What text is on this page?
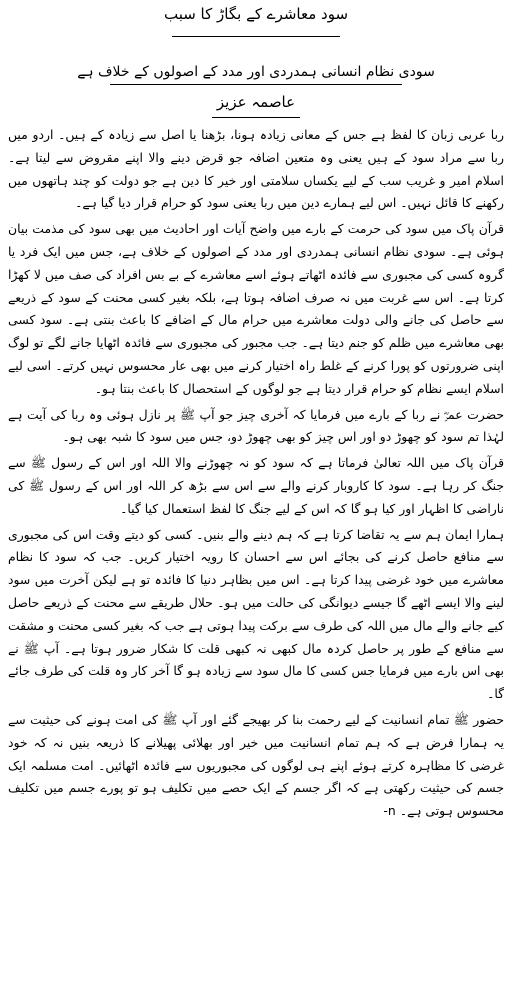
سود معاشرے کے بگاڑ کا سبب
سودی نظام انسانی ہمدردی اور مدد کے اصولوں کے خلاف ہے
عاصمہ عزیز

ربا عربی زبان کا لفظ ہے جس کے معانی زیادہ ہونا، بڑھنا یا اصل سے زیادہ کے ہیں۔ اردو میں ربا سے مراد سود کے ہیں یعنی وہ متعین اضافہ جو قرض دینے والا اپنے مقروض سے لیتا ہے۔ اسلام امیر و غریب سب کے لیے یکساں سلامتی اور خیر کا دین ہے جو دولت کو چند ہاتھوں میں رکھنے کا قائل نہیں۔ اس لیے ہمارے دین میں ربا یعنی سود کو حرام قرار دیا گیا ہے۔

قرآن پاک میں سود کی حرمت کے بارے میں واضح آیات اور احادیث میں بھی سود کی مذمت بیان ہوئی ہے۔ سودی نظام انسانی ہمدردی اور مدد کے اصولوں کے خلاف ہے، جس میں ایک فرد یا گروہ کسی کی مجبوری سے فائدہ اٹھاتے ہوئے اسے معاشرے کے بے بس افراد کی صف میں لا کھڑا کرتا ہے۔ اس سے غربت میں نہ صرف اضافہ ہوتا ہے، بلکہ بغیر کسی محنت کے سود کے ذریعے سے حاصل کی جانے والی دولت معاشرے میں حرام مال کے اضافے کا باعث بنتی ہے۔ سود کسی بھی معاشرے میں ظلم کو جنم دیتا ہے۔ جب مجبور کی مجبوری سے فائدہ اٹھایا جانے لگے تو لوگ اپنی ضرورتوں کو پورا کرنے کے غلط راہ اختیار کرنے میں بھی عار محسوس نہیں کرتے۔ اسی لیے اسلام ایسے نظام کو حرام قرار دیتا ہے جو لوگوں کے استحصال کا باعث بنتا ہو۔

حضرت عمرؓ نے ربا کے بارے میں فرمایا کہ آخری چیز جو آپ ﷺ پر نازل ہوئی وہ ربا کی آیت ہے لہٰذا تم سود کو چھوڑ دو اور اس چیز کو بھی چھوڑ دو، جس میں سود کا شبہ بھی ہو۔

قرآن پاک میں اللہ تعالیٰ فرماتا ہے کہ سود کو نہ چھوڑنے والا اللہ اور اس کے رسول ﷺ سے جنگ کر رہا ہے۔ سود کا کاروبار کرنے والے سے اس سے بڑھ کر اللہ اور اس کے رسول ﷺ کی ناراضی کا اظہار اور کیا ہو گا کہ اس کے لیے جنگ کا لفظ استعمال کیا گیا۔

ہمارا ایمان ہم سے یہ تقاضا کرتا ہے کہ ہم دینے والے بنیں۔ کسی کو دیتے وقت اس کی مجبوری سے منافع حاصل کرنے کی بجائے اس سے احسان کا رویہ اختیار کریں۔ جب کہ سود کا نظام معاشرے میں خود غرضی پیدا کرتا ہے۔ اس میں بظاہر دنیا کا فائدہ تو ہے لیکن آخرت میں سود لینے والا ایسے اٹھے گا جیسے دیوانگی کی حالت میں ہو۔ حلال طریقے سے محنت کے ذریعے حاصل کیے جانے والے مال میں اللہ کی طرف سے برکت پیدا ہوتی ہے جب کہ بغیر کسی محنت و مشقت سے منافع کے طور پر حاصل کردہ مال کبھی نہ کبھی قلت کا شکار ضرور ہوتا ہے۔ آپ ﷺ نے بھی اس بارے میں فرمایا جس کسی کا مال سود سے زیادہ ہو گا آخر کار وہ قلت کی طرف جائے گا۔

حضور ﷺ تمام انسانیت کے لیے رحمت بنا کر بھیجے گئے اور آپ ﷺ کی امت ہونے کی حیثیت سے یہ ہمارا فرض ہے کہ ہم تمام انسانیت میں خیر اور بھلائی پھیلانے کا ذریعہ بنیں نہ کہ خود غرضی کا مظاہرہ کرتے ہوئے اپنے ہی لوگوں کی مجبوریوں سے فائدہ اٹھائیں۔ امت مسلمہ ایک جسم کی حیثیت رکھتی ہے کہ اگر جسم کے ایک حصے میں تکلیف ہو تو پورے جسم میں تکلیف محسوس ہوتی ہے۔ n-
